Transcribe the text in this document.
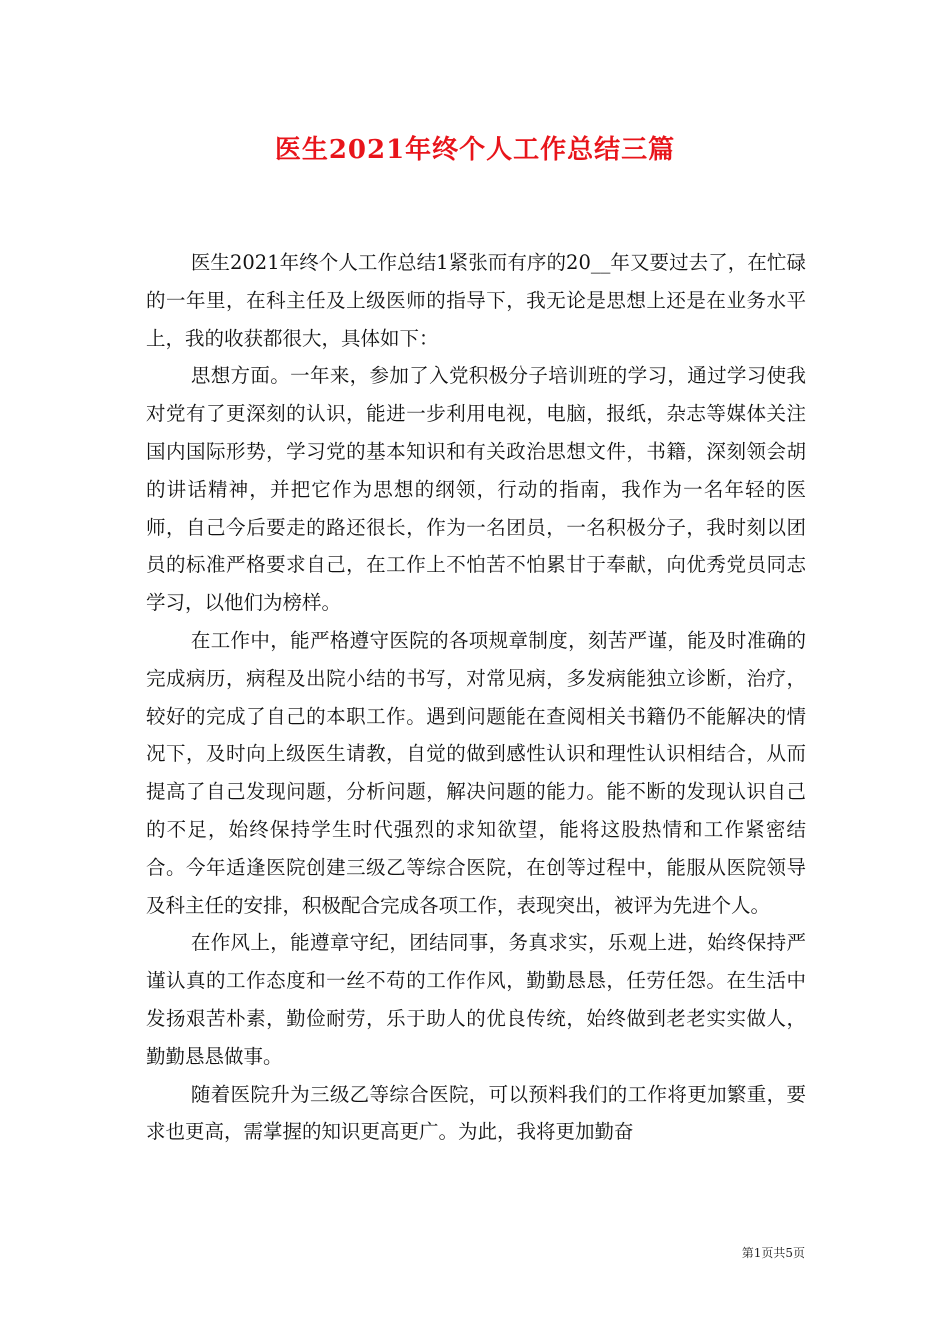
医生2021年终个人工作总结三篇

医生2021年终个人工作总结1紧张而有序的20__年又要过去了，在忙碌的一年里，在科主任及上级医师的指导下，我无论是思想上还是在业务水平上，我的收获都很大，具体如下：

思想方面。一年来，参加了入党积极分子培训班的学习，通过学习使我对党有了更深刻的认识，能进一步利用电视，电脑，报纸，杂志等媒体关注国内国际形势，学习党的基本知识和有关政治思想文件，书籍，深刻领会胡的讲话精神，并把它作为思想的纲领，行动的指南，我作为一名年轻的医师，自己今后要走的路还很长，作为一名团员，一名积极分子，我时刻以团员的标准严格要求自己，在工作上不怕苦不怕累甘于奉献，向优秀党员同志学习，以他们为榜样。

在工作中，能严格遵守医院的各项规章制度，刻苦严谨，能及时准确的完成病历，病程及出院小结的书写，对常见病，多发病能独立诊断，治疗，较好的完成了自己的本职工作。遇到问题能在查阅相关书籍仍不能解决的情况下，及时向上级医生请教，自觉的做到感性认识和理性认识相结合，从而提高了自己发现问题，分析问题，解决问题的能力。能不断的发现认识自己的不足，始终保持学生时代强烈的求知欲望，能将这股热情和工作紧密结合。今年适逢医院创建三级乙等综合医院，在创等过程中，能服从医院领导及科主任的安排，积极配合完成各项工作，表现突出，被评为先进个人。

在作风上，能遵章守纪，团结同事，务真求实，乐观上进，始终保持严谨认真的工作态度和一丝不苟的工作作风，勤勤恳恳，任劳任怨。在生活中发扬艰苦朴素，勤俭耐劳，乐于助人的优良传统，始终做到老老实实做人，勤勤恳恳做事。

随着医院升为三级乙等综合医院，可以预料我们的工作将更加繁重，要求也更高，需掌握的知识更高更广。为此，我将更加勤奋

第1页共5页
